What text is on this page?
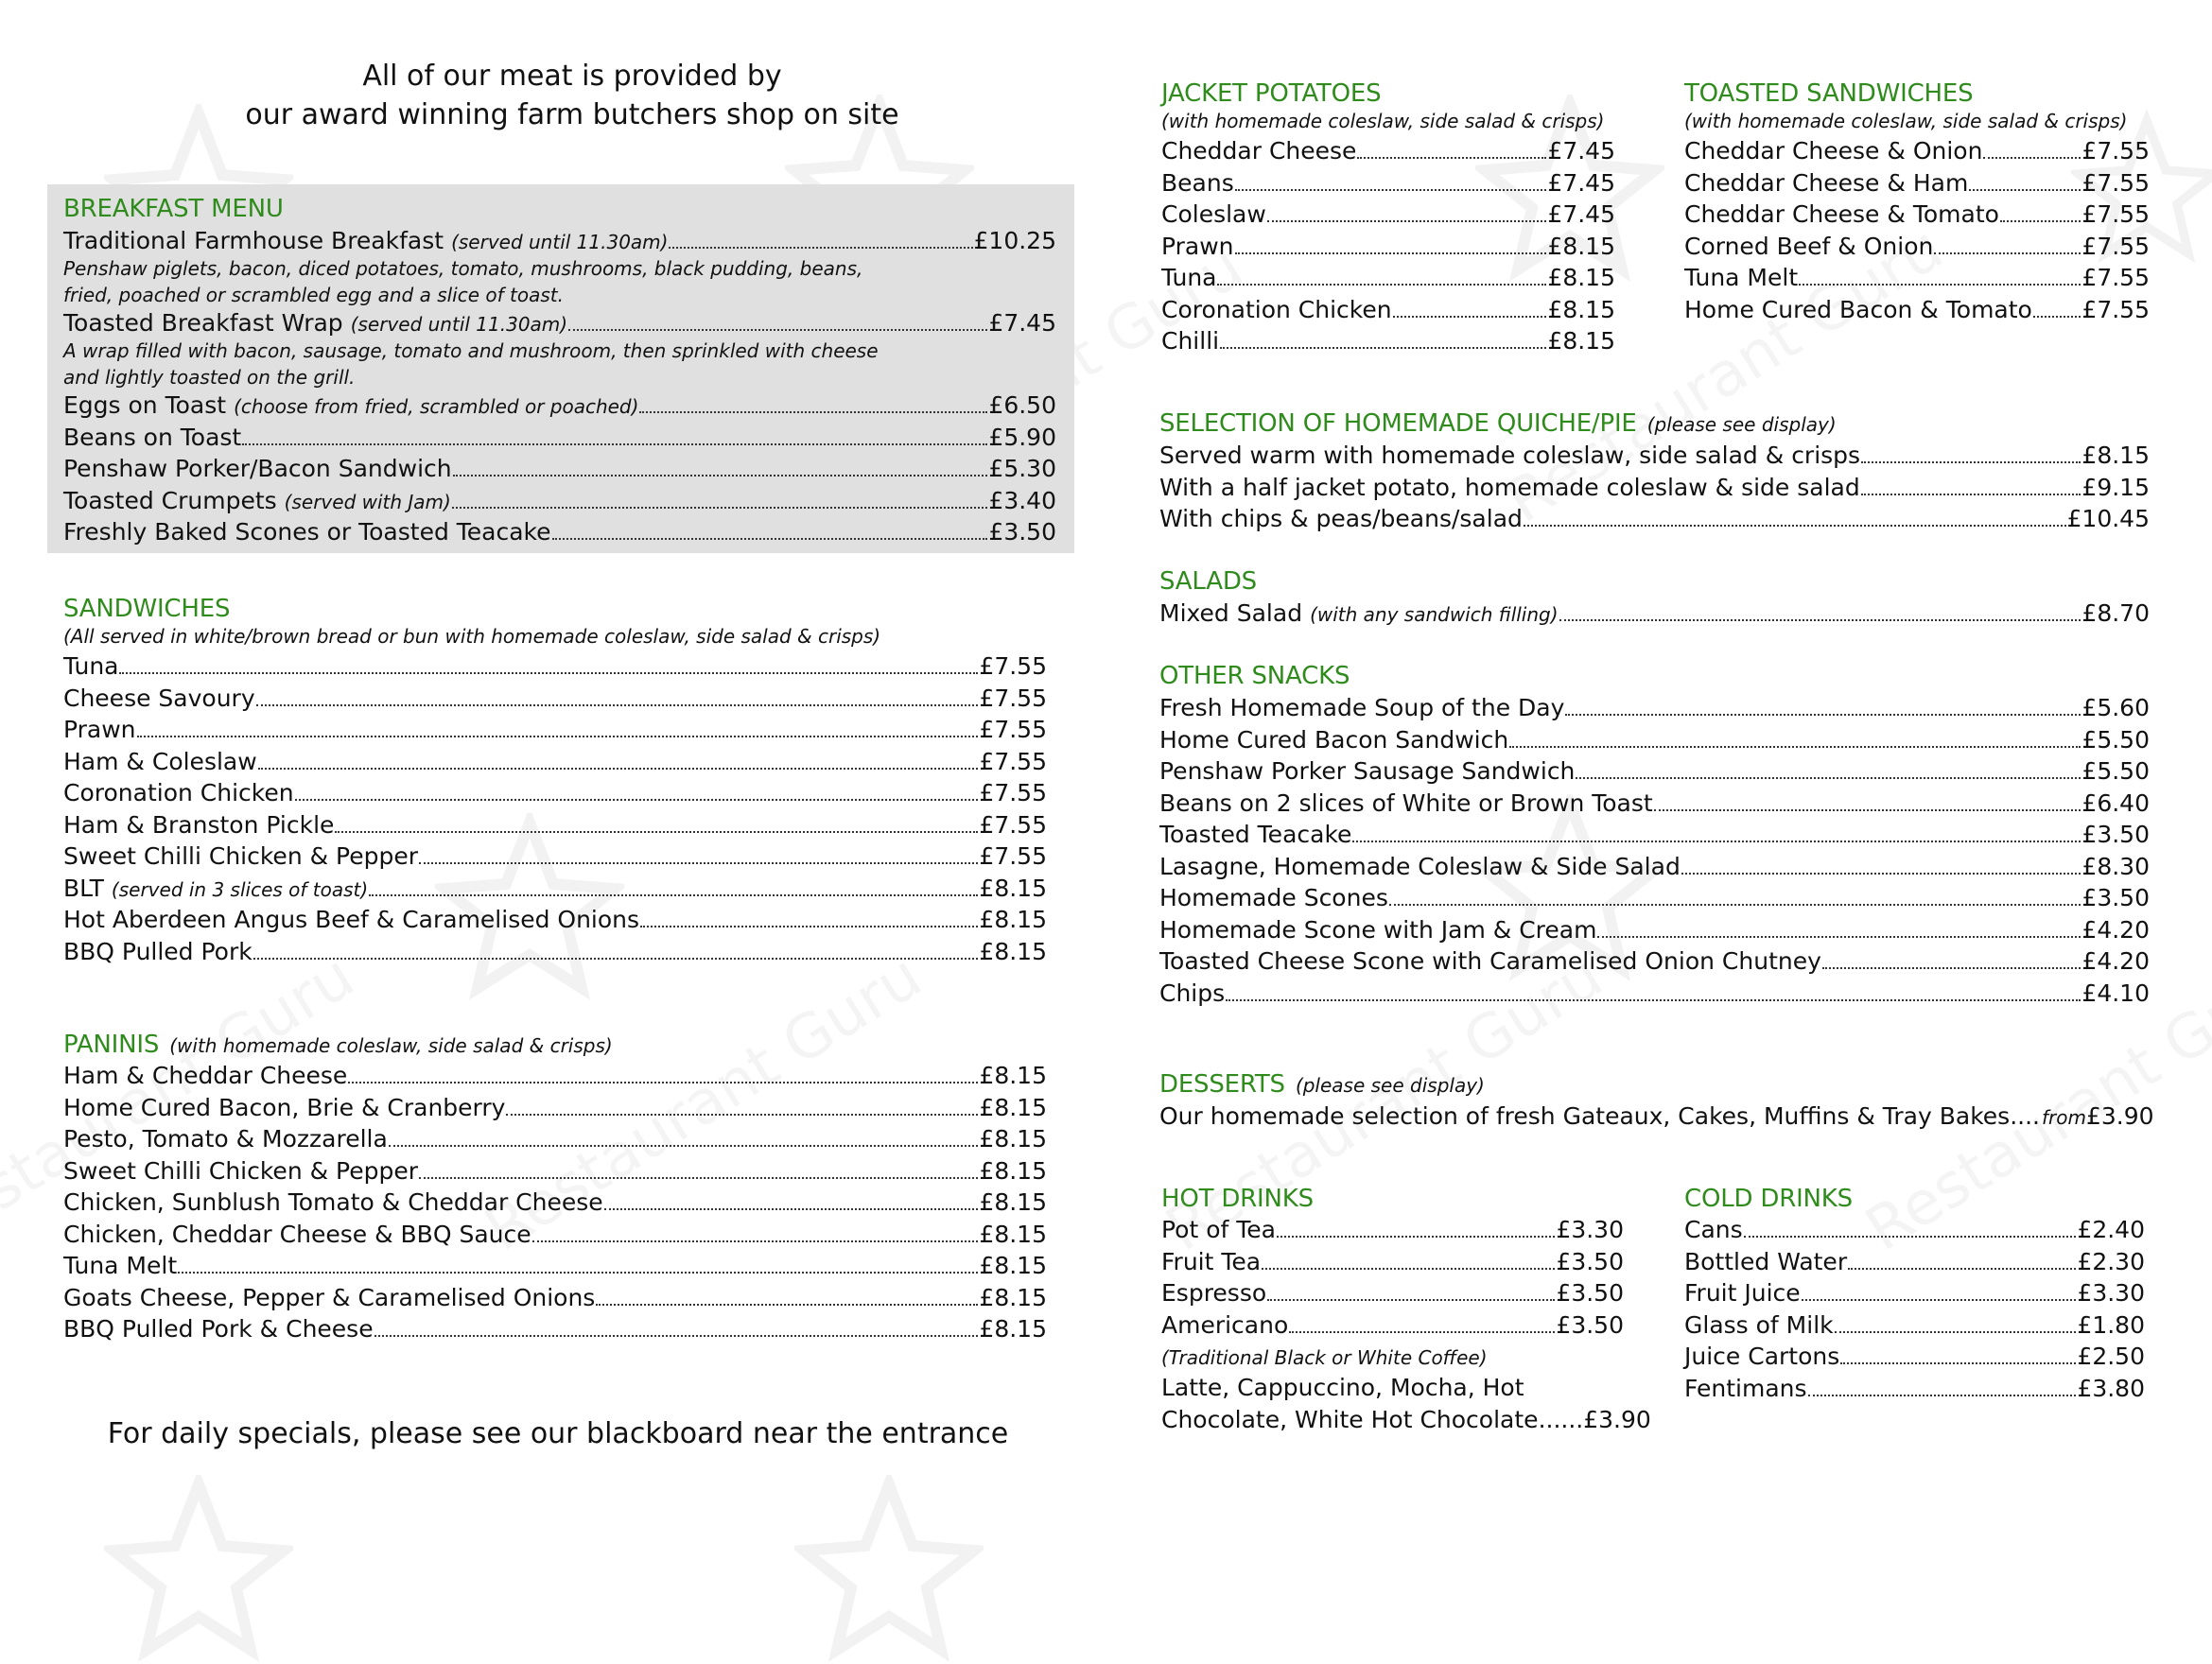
All of our meat is provided by
our award winning farm butchers shop on site
BREAKFAST MENU
Traditional Farmhouse Breakfast (served until 11.30am)	£10.25
Penshaw piglets, bacon, diced potatoes, tomato, mushrooms, black pudding, beans,
fried, poached or scrambled egg and a slice of toast.
Toasted Breakfast Wrap (served until 11.30am)	£7.45
A wrap filled with bacon, sausage, tomato and mushroom, then sprinkled with cheese
and lightly toasted on the grill.
Eggs on Toast (choose from fried, scrambled or poached)	£6.50
Beans on Toast	£5.90
Penshaw Porker/Bacon Sandwich	£5.30
Toasted Crumpets (served with Jam)	£3.40
Freshly Baked Scones or Toasted Teacake	£3.50
SANDWICHES
(All served in white/brown bread or bun with homemade coleslaw, side salad & crisps)
Tuna	£7.55
Cheese Savoury	£7.55
Prawn	£7.55
Ham & Coleslaw	£7.55
Coronation Chicken	£7.55
Ham & Branston Pickle	£7.55
Sweet Chilli Chicken & Pepper	£7.55
BLT (served in 3 slices of toast)	£8.15
Hot Aberdeen Angus Beef & Caramelised Onions	£8.15
BBQ Pulled Pork	£8.15
PANINIS (with homemade coleslaw, side salad & crisps)
Ham & Cheddar Cheese	£8.15
Home Cured Bacon, Brie & Cranberry	£8.15
Pesto, Tomato & Mozzarella	£8.15
Sweet Chilli Chicken & Pepper	£8.15
Chicken, Sunblush Tomato & Cheddar Cheese	£8.15
Chicken, Cheddar Cheese & BBQ Sauce	£8.15
Tuna Melt	£8.15
Goats Cheese, Pepper & Caramelised Onions	£8.15
BBQ Pulled Pork & Cheese	£8.15
For daily specials, please see our blackboard near the entrance
JACKET POTATOES
(with homemade coleslaw, side salad & crisps)
Cheddar Cheese	£7.45
Beans	£7.45
Coleslaw	£7.45
Prawn	£8.15
Tuna	£8.15
Coronation Chicken	£8.15
Chilli	£8.15
TOASTED SANDWICHES
(with homemade coleslaw, side salad & crisps)
Cheddar Cheese & Onion	£7.55
Cheddar Cheese & Ham	£7.55
Cheddar Cheese & Tomato	£7.55
Corned Beef & Onion	£7.55
Tuna Melt	£7.55
Home Cured Bacon & Tomato £7.55
SELECTION OF HOMEMADE QUICHE/PIE (please see display)
Served warm with homemade coleslaw, side salad & crisps	£8.15
With a half jacket potato, homemade coleslaw & side salad	£9.15
With chips & peas/beans/salad	£10.45
SALADS
Mixed Salad (with any sandwich filling)	£8.70
OTHER SNACKS
Fresh Homemade Soup of the Day	£5.60
Home Cured Bacon Sandwich	£5.50
Penshaw Porker Sausage Sandwich	£5.50
Beans on 2 slices of White or Brown Toast	£6.40
Toasted Teacake	£3.50
Lasagne, Homemade Coleslaw & Side Salad	£8.30
Homemade Scones	£3.50
Homemade Scone with Jam & Cream	£4.20
Toasted Cheese Scone with Caramelised Onion Chutney	£4.20
Chips	£4.10
DESSERTS (please see display)
Our homemade selection of fresh Gateaux, Cakes, Muffins & Tray Bakes.... from £3.90
HOT DRINKS
Pot of Tea	£3.30
Fruit Tea	£3.50
Espresso	£3.50
Americano	£3.50
(Traditional Black or White Coffee)
Latte, Cappuccino, Mocha, Hot
Chocolate, White Hot Chocolate......£3.90
COLD DRINKS
Cans	£2.40
Bottled Water	£2.30
Fruit Juice	£3.30
Glass of Milk	£1.80
Juice Cartons	£2.50
Fentimans	£3.80
